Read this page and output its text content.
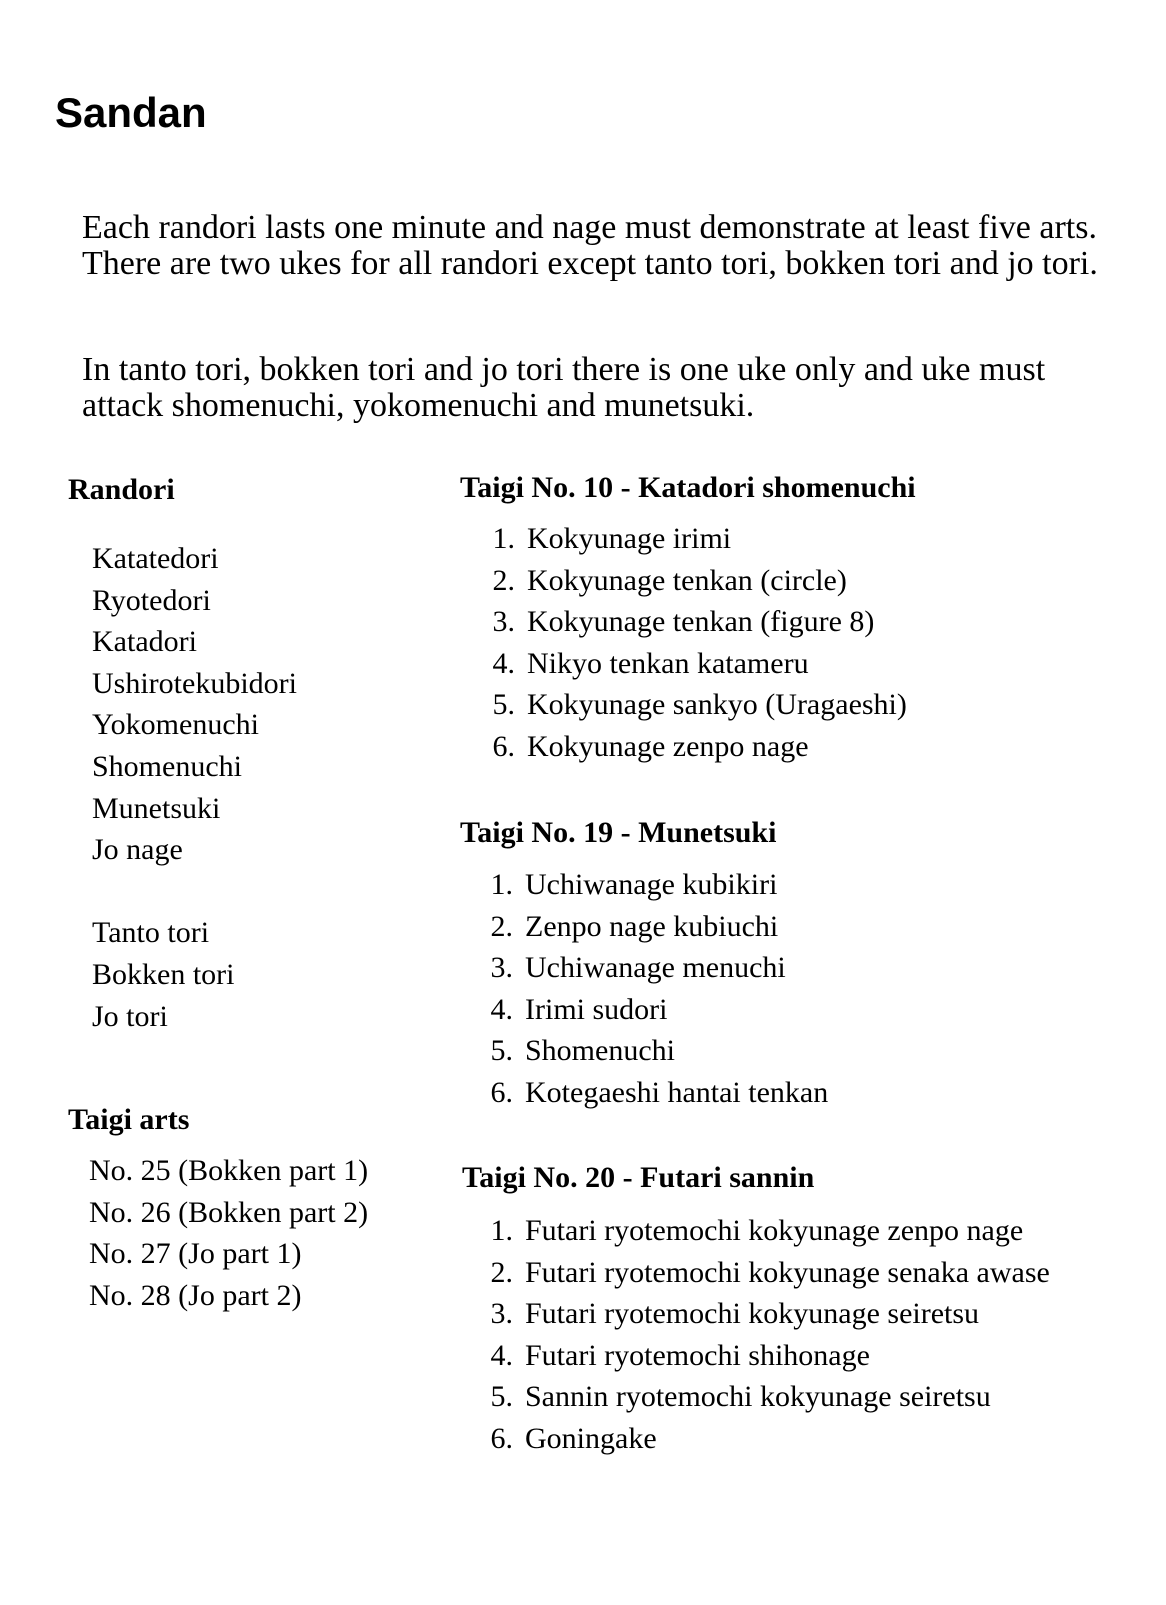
Sandan

Each randori lasts one minute and nage must demonstrate at least five arts. There are two ukes for all randori except tanto tori, bokken tori and jo tori.

In tanto tori, bokken tori and jo tori there is one uke only and uke must attack shomenuchi, yokomenuchi and munetsuki.

Randori
Katatedori
Ryotedori
Katadori
Ushirotekubidori
Yokomenuchi
Shomenuchi
Munetsuki
Jo nage
Tanto tori
Bokken tori
Jo tori
Taigi arts
No. 25 (Bokken part 1)
No. 26 (Bokken part 2)
No. 27 (Jo part 1)
No. 28 (Jo part 2)
Taigi No. 10 - Katadori shomenuchi
1. Kokyunage irimi
2. Kokyunage tenkan (circle)
3. Kokyunage tenkan (figure 8)
4. Nikyo tenkan katameru
5. Kokyunage sankyo (Uragaeshi)
6. Kokyunage zenpo nage
Taigi No. 19 - Munetsuki
1. Uchiwanage kubikiri
2. Zenpo nage kubiuchi
3. Uchiwanage menuchi
4. Irimi sudori
5. Shomenuchi
6. Kotegaeshi hantai tenkan
Taigi No. 20 - Futari sannin
1. Futari ryotemochi kokyunage zenpo nage
2. Futari ryotemochi kokyunage senaka awase
3. Futari ryotemochi kokyunage seiretsu
4. Futari ryotemochi shihonage
5. Sannin ryotemochi kokyunage seiretsu
6. Goningake
